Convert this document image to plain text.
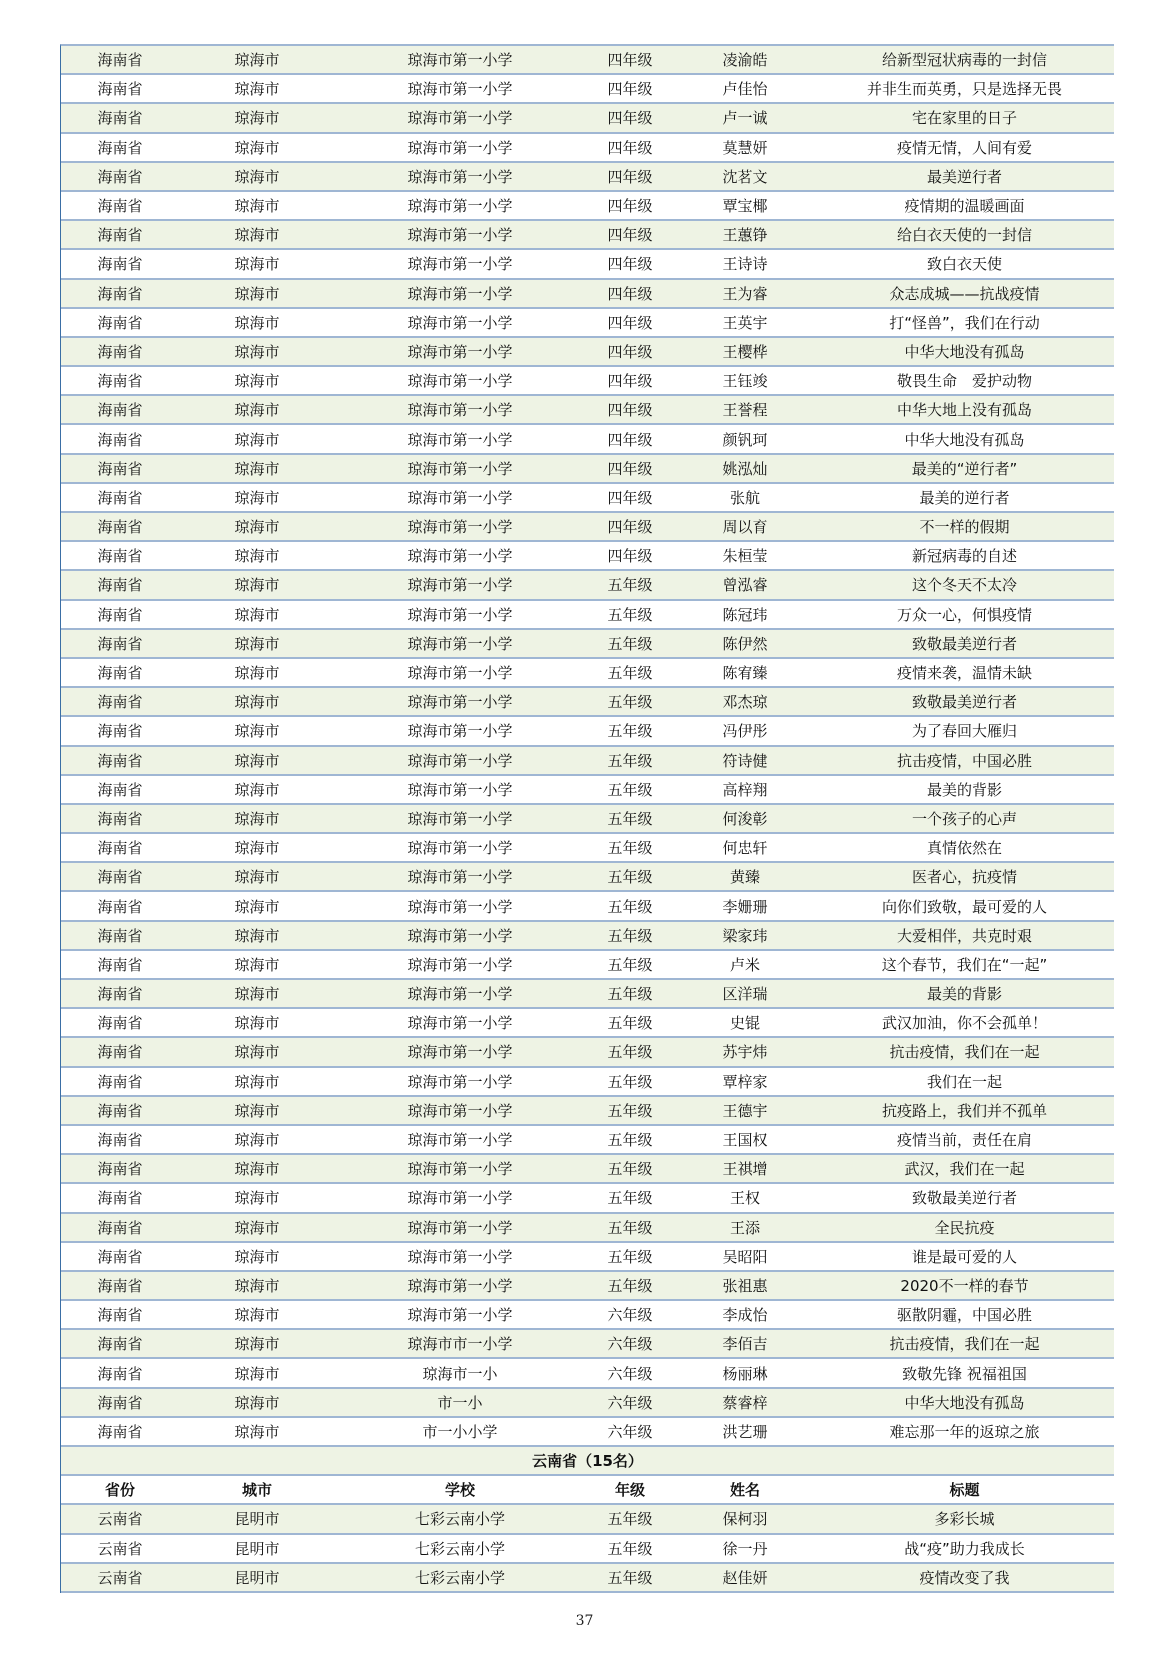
海南省	琼海市	琼海市第一小学	四年级	凌渝皓	给新型冠状病毒的一封信
海南省	琼海市	琼海市第一小学	四年级	卢佳怡	并非生而英勇，只是选择无畏
海南省	琼海市	琼海市第一小学	四年级	卢一诚	宅在家里的日子
海南省	琼海市	琼海市第一小学	四年级	莫慧妍	疫情无情，人间有爱
海南省	琼海市	琼海市第一小学	四年级	沈茗文	最美逆行者
海南省	琼海市	琼海市第一小学	四年级	覃宝椰	疫情期的温暖画面
海南省	琼海市	琼海市第一小学	四年级	王蕙铮	给白衣天使的一封信
海南省	琼海市	琼海市第一小学	四年级	王诗诗	致白衣天使
海南省	琼海市	琼海市第一小学	四年级	王为睿	众志成城——抗战疫情
海南省	琼海市	琼海市第一小学	四年级	王英宇	打“怪兽”，我们在行动
海南省	琼海市	琼海市第一小学	四年级	王樱桦	中华大地没有孤岛
海南省	琼海市	琼海市第一小学	四年级	王钰竣	敬畏生命　爱护动物
海南省	琼海市	琼海市第一小学	四年级	王誉程	中华大地上没有孤岛
海南省	琼海市	琼海市第一小学	四年级	颜钒珂	中华大地没有孤岛
海南省	琼海市	琼海市第一小学	四年级	姚泓灿	最美的“逆行者”
海南省	琼海市	琼海市第一小学	四年级	张航	最美的逆行者
海南省	琼海市	琼海市第一小学	四年级	周以育	不一样的假期
海南省	琼海市	琼海市第一小学	四年级	朱桓莹	新冠病毒的自述
海南省	琼海市	琼海市第一小学	五年级	曾泓睿	这个冬天不太冷
海南省	琼海市	琼海市第一小学	五年级	陈冠玮	万众一心，何惧疫情
海南省	琼海市	琼海市第一小学	五年级	陈伊然	致敬最美逆行者
海南省	琼海市	琼海市第一小学	五年级	陈宥臻	疫情来袭，温情未缺
海南省	琼海市	琼海市第一小学	五年级	邓杰琼	致敬最美逆行者
海南省	琼海市	琼海市第一小学	五年级	冯伊彤	为了春回大雁归
海南省	琼海市	琼海市第一小学	五年级	符诗健	抗击疫情，中国必胜
海南省	琼海市	琼海市第一小学	五年级	高梓翔	最美的背影
海南省	琼海市	琼海市第一小学	五年级	何浚彰	一个孩子的心声
海南省	琼海市	琼海市第一小学	五年级	何忠轩	真情依然在
海南省	琼海市	琼海市第一小学	五年级	黄臻	医者心，抗疫情
海南省	琼海市	琼海市第一小学	五年级	李姗珊	向你们致敬，最可爱的人
海南省	琼海市	琼海市第一小学	五年级	梁家玮	大爱相伴，共克时艰
海南省	琼海市	琼海市第一小学	五年级	卢米	这个春节，我们在“一起”
海南省	琼海市	琼海市第一小学	五年级	区洋瑞	最美的背影
海南省	琼海市	琼海市第一小学	五年级	史锟	武汉加油，你不会孤单！
海南省	琼海市	琼海市第一小学	五年级	苏宇炜	抗击疫情，我们在一起
海南省	琼海市	琼海市第一小学	五年级	覃梓家	我们在一起
海南省	琼海市	琼海市第一小学	五年级	王德宇	抗疫路上，我们并不孤单
海南省	琼海市	琼海市第一小学	五年级	王国权	疫情当前，责任在肩
海南省	琼海市	琼海市第一小学	五年级	王祺增	武汉，我们在一起
海南省	琼海市	琼海市第一小学	五年级	王权	致敬最美逆行者
海南省	琼海市	琼海市第一小学	五年级	王添	全民抗疫
海南省	琼海市	琼海市第一小学	五年级	吴昭阳	谁是最可爱的人
海南省	琼海市	琼海市第一小学	五年级	张祖惠	2020不一样的春节
海南省	琼海市	琼海市第一小学	六年级	李成怡	驱散阴霾，中国必胜
海南省	琼海市	琼海市市一小学	六年级	李佰吉	抗击疫情，我们在一起
海南省	琼海市	琼海市一小	六年级	杨丽琳	致敬先锋 祝福祖国
海南省	琼海市	市一小	六年级	蔡睿梓	中华大地没有孤岛
海南省	琼海市	市一小小学	六年级	洪艺珊	难忘那一年的返琼之旅
云南省（15名）
省份	城市	学校	年级	姓名	标题
云南省	昆明市	七彩云南小学	五年级	保柯羽	多彩长城
云南省	昆明市	七彩云南小学	五年级	徐一丹	战“疫”助力我成长
云南省	昆明市	七彩云南小学	五年级	赵佳妍	疫情改变了我
37
